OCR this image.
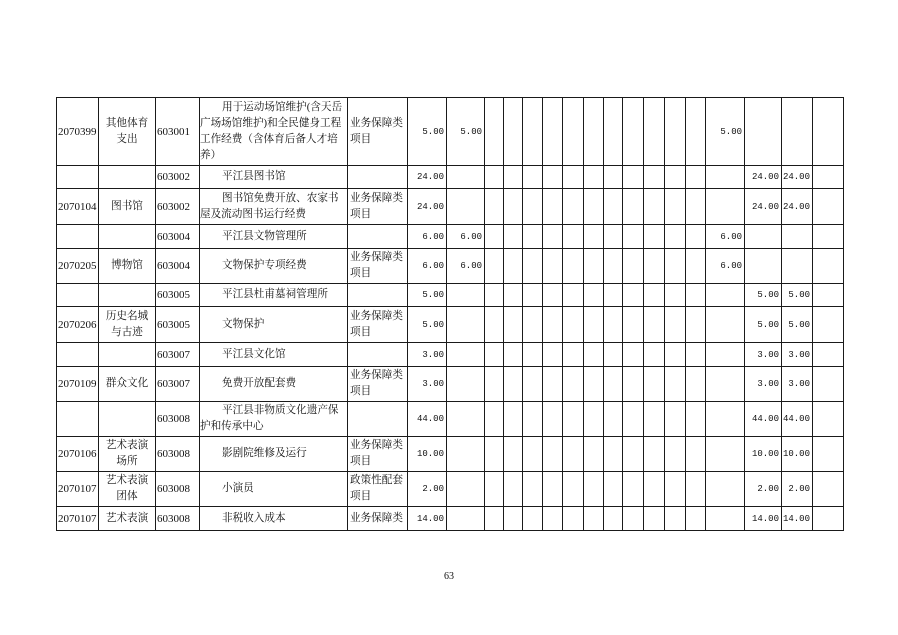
2070399	其他体育支出	603001	用于运动场馆维护(含天岳广场场馆维护)和全民健身工程工作经费（含体育后备人才培养）	业务保障类项目	5.00	5.00												5.00			
		603002	平江县图书馆		24.00														24.00	24.00	
2070104	图书馆	603002	图书馆免费开放、农家书屋及流动图书运行经费	业务保障类项目	24.00														24.00	24.00	
		603004	平江县文物管理所		6.00	6.00												6.00			
2070205	博物馆	603004	文物保护专项经费	业务保障类项目	6.00	6.00												6.00			
		603005	平江县杜甫墓祠管理所		5.00														5.00	5.00	
2070206	历史名城与古迹	603005	文物保护	业务保障类项目	5.00														5.00	5.00	
		603007	平江县文化馆		3.00														3.00	3.00	
2070109	群众文化	603007	免费开放配套费	业务保障类项目	3.00														3.00	3.00	
		603008	平江县非物质文化遗产保护和传承中心		44.00														44.00	44.00	
2070106	艺术表演场所	603008	影剧院维修及运行	业务保障类项目	10.00														10.00	10.00	
2070107	艺术表演团体	603008	小演员	政策性配套项目	2.00														2.00	2.00	
2070107	艺术表演	603008	非税收入成本	业务保障类	14.00														14.00	14.00	
63
